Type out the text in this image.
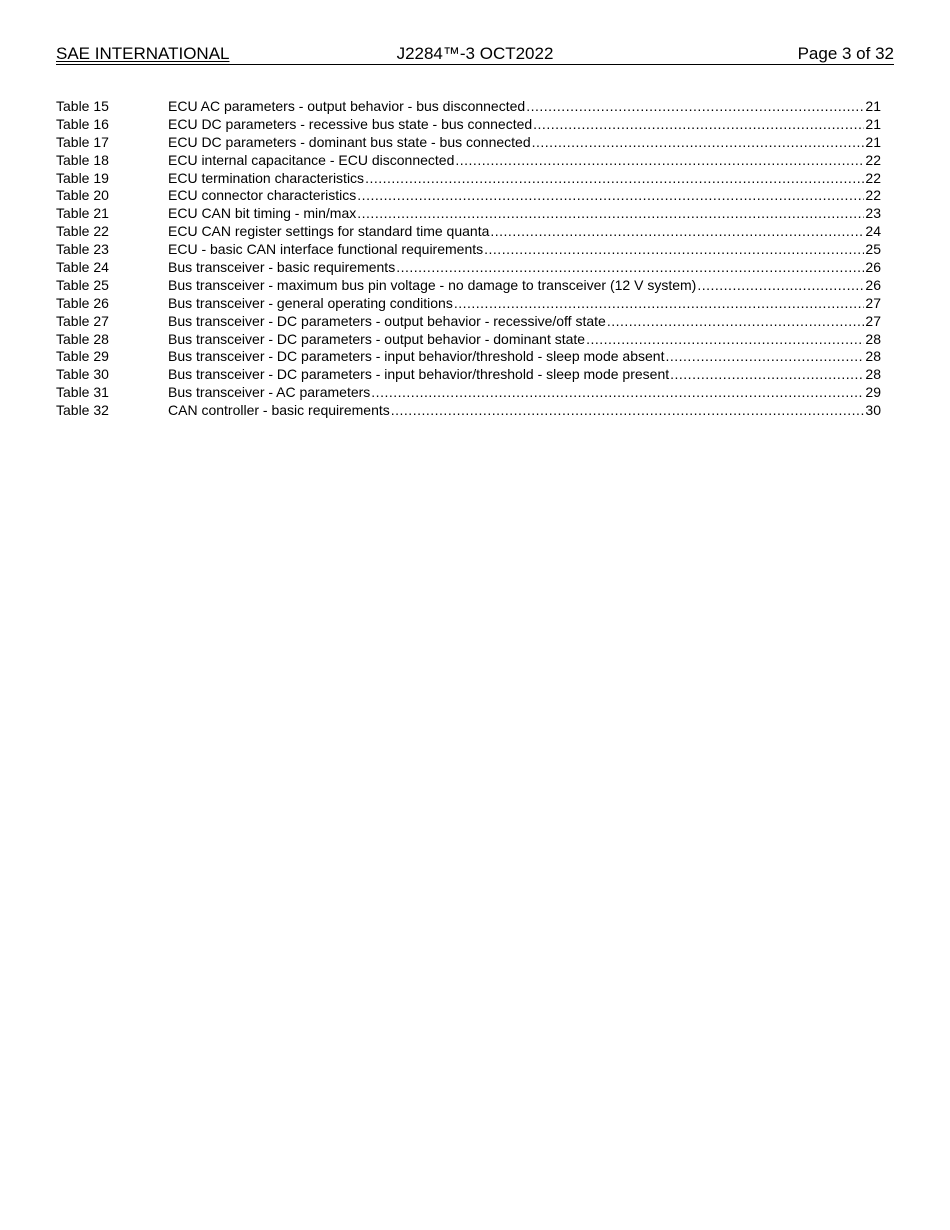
SAE INTERNATIONAL	J2284™-3 OCT2022	Page 3 of 32
Table 15	ECU AC parameters - output behavior - bus disconnected .....	21
Table 16	ECU DC parameters - recessive bus state - bus connected .....	21
Table 17	ECU DC parameters - dominant bus state - bus connected .....	21
Table 18	ECU internal capacitance - ECU disconnected .....	22
Table 19	ECU termination characteristics .....	22
Table 20	ECU connector characteristics .....	22
Table 21	ECU CAN bit timing - min/max .....	23
Table 22	ECU CAN register settings for standard time quanta .....	24
Table 23	ECU - basic CAN interface functional requirements .....	25
Table 24	Bus transceiver - basic requirements .....	26
Table 25	Bus transceiver - maximum bus pin voltage - no damage to transceiver (12 V system) .....	26
Table 26	Bus transceiver - general operating conditions .....	27
Table 27	Bus transceiver - DC parameters - output behavior - recessive/off state .....	27
Table 28	Bus transceiver - DC parameters - output behavior - dominant state .....	28
Table 29	Bus transceiver - DC parameters - input behavior/threshold - sleep mode absent .....	28
Table 30	Bus transceiver - DC parameters - input behavior/threshold - sleep mode present .....	28
Table 31	Bus transceiver - AC parameters .....	29
Table 32	CAN controller - basic requirements .....	30
